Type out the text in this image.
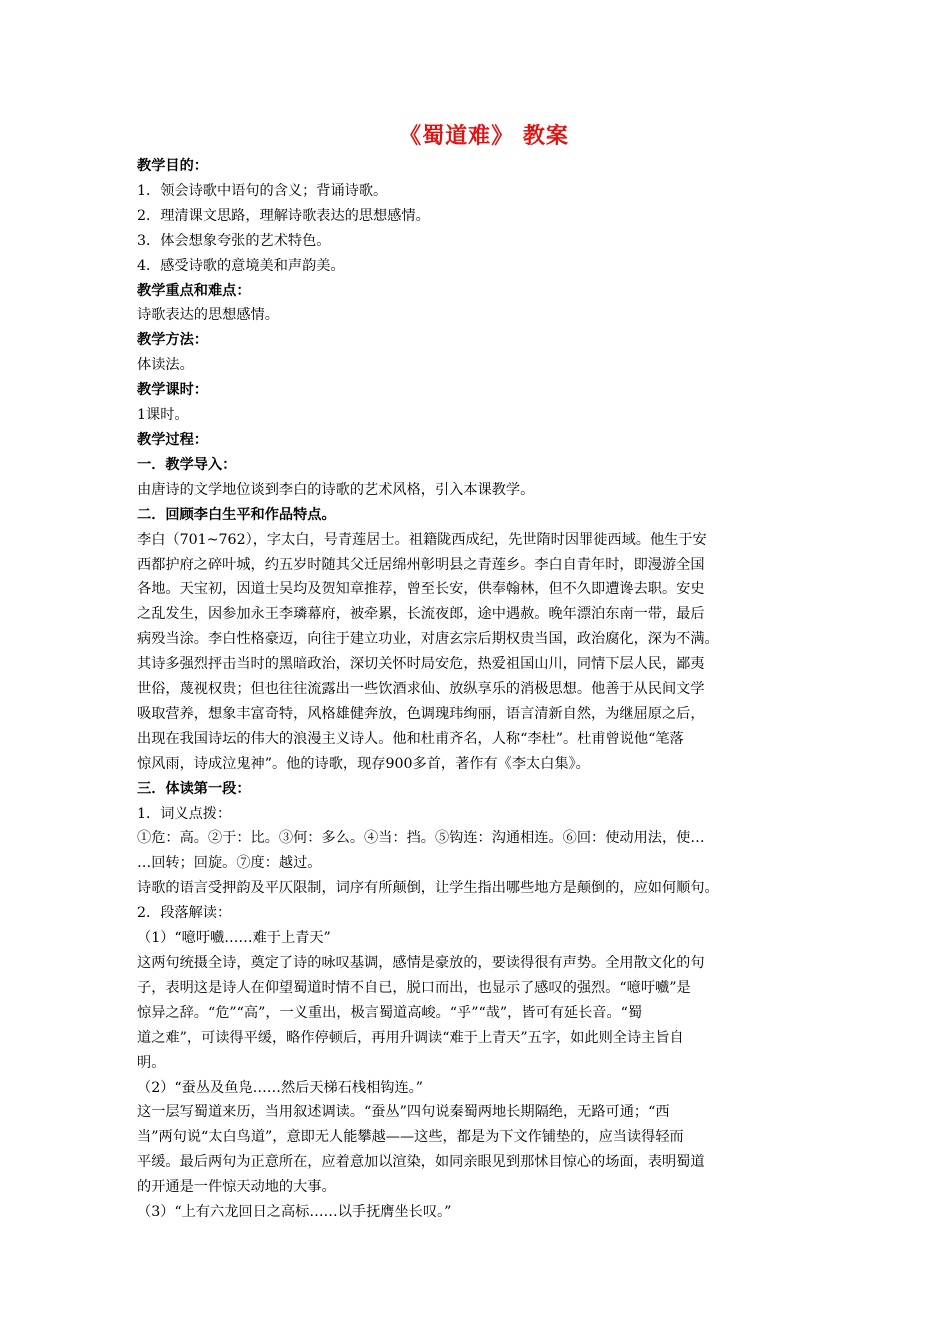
《蜀道难》 教案

教学目的：

1．领会诗歌中语句的含义；背诵诗歌。

2．理清课文思路，理解诗歌表达的思想感情。

3．体会想象夸张的艺术特色。

4．感受诗歌的意境美和声韵美。

教学重点和难点：

诗歌表达的思想感情。

教学方法：

体读法。

教学课时：

1课时。

教学过程：

一．教学导入：

由唐诗的文学地位谈到李白的诗歌的艺术风格，引入本课教学。

二．回顾李白生平和作品特点。

李白（701~762），字太白，号青莲居士。祖籍陇西成纪，先世隋时因罪徙西域。他生于安

西都护府之碎叶城，约五岁时随其父迁居绵州彰明县之青莲乡。李白自青年时，即漫游全国

各地。天宝初，因道士吴均及贺知章推荐，曾至长安，供奉翰林，但不久即遭谗去职。安史

之乱发生，因参加永王李璘幕府，被牵累，长流夜郎，途中遇赦。晚年漂泊东南一带，最后

病殁当涂。李白性格豪迈，向往于建立功业，对唐玄宗后期权贵当国，政治腐化，深为不满。

其诗多强烈抨击当时的黑暗政治，深切关怀时局安危，热爱祖国山川，同情下层人民，鄙夷

世俗，蔑视权贵；但也往往流露出一些饮酒求仙、放纵享乐的消极思想。他善于从民间文学

吸取营养，想象丰富奇特，风格雄健奔放，色调瑰玮绚丽，语言清新自然，为继屈原之后，

出现在我国诗坛的伟大的浪漫主义诗人。他和杜甫齐名，人称“李杜”。杜甫曾说他“笔落

惊风雨，诗成泣鬼神”。他的诗歌，现存900多首，著作有《李太白集》。

三．体读第一段：

1．词义点拨：

①危：高。②于：比。③何：多么。④当：挡。⑤钩连：沟通相连。⑥回：使动用法，使…

…回转；回旋。⑦度：越过。

诗歌的语言受押韵及平仄限制，词序有所颠倒，让学生指出哪些地方是颠倒的，应如何顺句。

2．段落解读：

（1）“噫吁嚱……难于上青天”

这两句统摄全诗，奠定了诗的咏叹基调，感情是豪放的，要读得很有声势。全用散文化的句

子，表明这是诗人在仰望蜀道时情不自已，脱口而出，也显示了感叹的强烈。“噫吁嚱”是

惊异之辞。“危”“高”，一义重出，极言蜀道高峻。“乎”“哉”，皆可有延长音。“蜀

道之难”，可读得平缓，略作停顿后，再用升调读“难于上青天”五字，如此则全诗主旨自

明。

（2）“蚕丛及鱼凫……然后天梯石栈相钩连。”

这一层写蜀道来历，当用叙述调读。“蚕丛”四句说秦蜀两地长期隔绝，无路可通；“西

当”两句说“太白鸟道”，意即无人能攀越——这些，都是为下文作铺垫的，应当读得轻而

平缓。最后两句为正意所在，应着意加以渲染，如同亲眼见到那怵目惊心的场面，表明蜀道

的开通是一件惊天动地的大事。

（3）“上有六龙回日之高标……以手抚膺坐长叹。”
